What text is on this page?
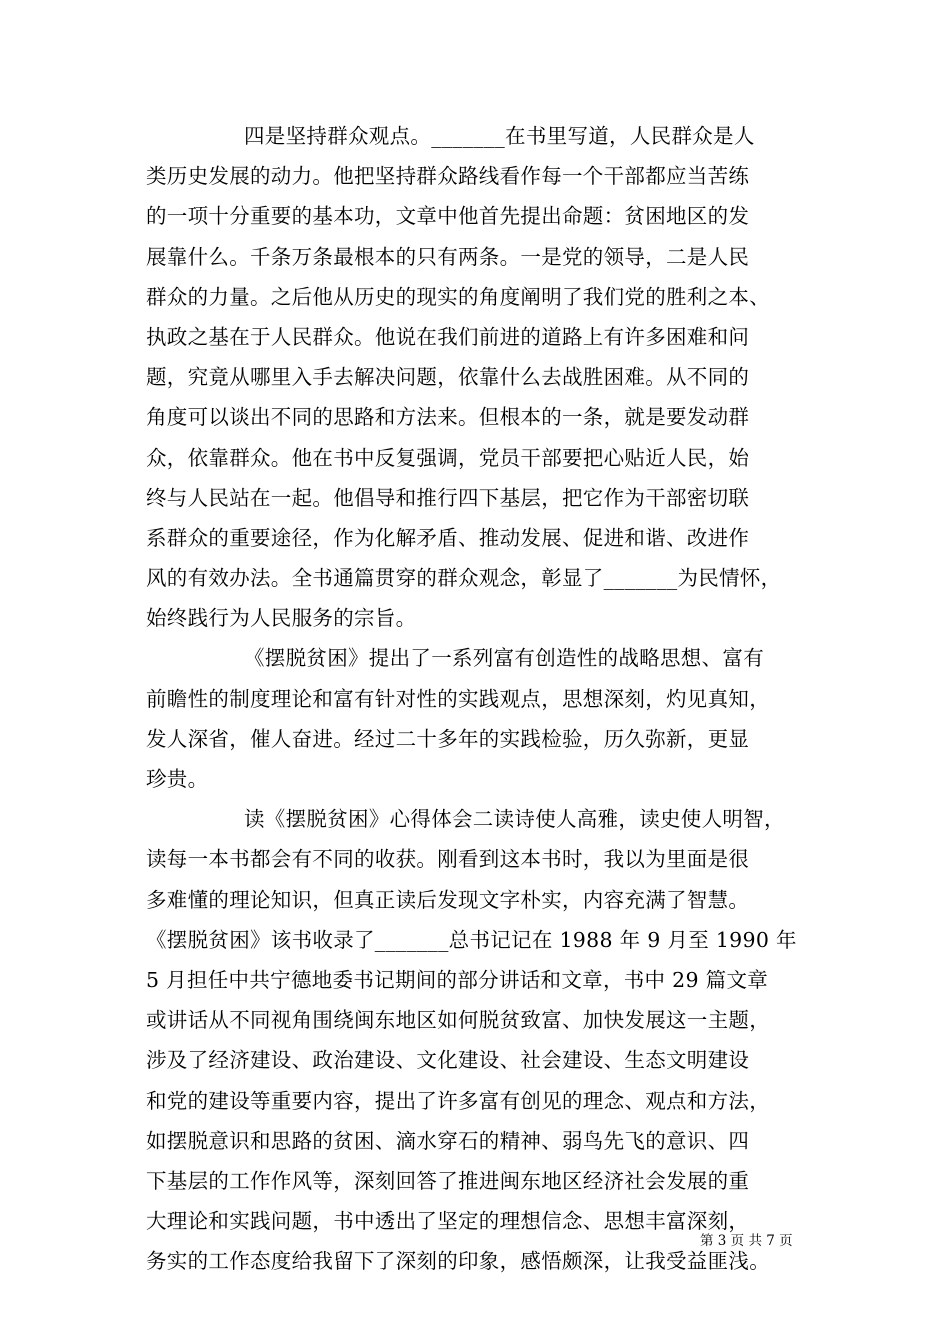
四是坚持群众观点。_______在书里写道，人民群众是人
类历史发展的动力。他把坚持群众路线看作每一个干部都应当苦练
的一项十分重要的基本功，文章中他首先提出命题：贫困地区的发
展靠什么。千条万条最根本的只有两条。一是党的领导，二是人民
群众的力量。之后他从历史的现实的角度阐明了我们党的胜利之本、
执政之基在于人民群众。他说在我们前进的道路上有许多困难和问
题，究竟从哪里入手去解决问题，依靠什么去战胜困难。从不同的
角度可以谈出不同的思路和方法来。但根本的一条，就是要发动群
众，依靠群众。他在书中反复强调，党员干部要把心贴近人民，始
终与人民站在一起。他倡导和推行四下基层，把它作为干部密切联
系群众的重要途径，作为化解矛盾、推动发展、促进和谐、改进作
风的有效办法。全书通篇贯穿的群众观念，彰显了_______为民情怀，
始终践行为人民服务的宗旨。
《摆脱贫困》提出了一系列富有创造性的战略思想、富有
前瞻性的制度理论和富有针对性的实践观点，思想深刻，灼见真知，
发人深省，催人奋进。经过二十多年的实践检验，历久弥新，更显
珍贵。
读《摆脱贫困》心得体会二读诗使人高雅，读史使人明智，
读每一本书都会有不同的收获。刚看到这本书时，我以为里面是很
多难懂的理论知识，但真正读后发现文字朴实，内容充满了智慧。
《摆脱贫困》该书收录了_______总书记记在 1988 年 9 月至 1990 年
5 月担任中共宁德地委书记期间的部分讲话和文章，书中 29 篇文章
或讲话从不同视角围绕闽东地区如何脱贫致富、加快发展这一主题，
涉及了经济建设、政治建设、文化建设、社会建设、生态文明建设
和党的建设等重要内容，提出了许多富有创见的理念、观点和方法，
如摆脱意识和思路的贫困、滴水穿石的精神、弱鸟先飞的意识、四
下基层的工作作风等，深刻回答了推进闽东地区经济社会发展的重
大理论和实践问题，书中透出了坚定的理想信念、思想丰富深刻，
务实的工作态度给我留下了深刻的印象，感悟颇深，让我受益匪浅。
第 3 页 共 7 页
